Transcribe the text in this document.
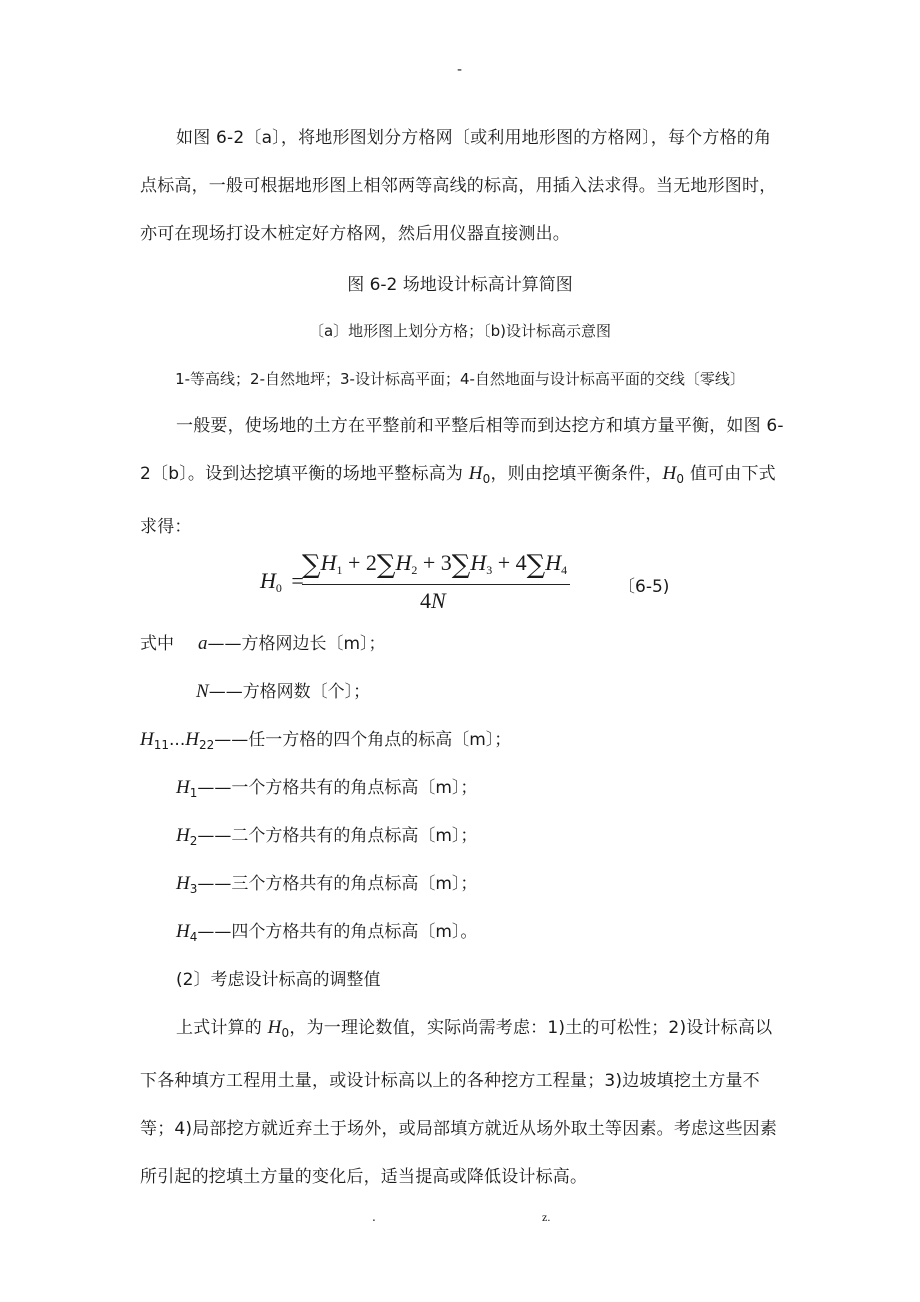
-
如图 6-2〔a〕，将地形图划分方格网〔或利用地形图的方格网〕，每个方格的角点标高，一般可根据地形图上相邻两等高线的标高，用插入法求得。当无地形图时，亦可在现场打设木桩定好方格网，然后用仪器直接测出。
图 6-2 场地设计标高计算简图
〔a〕地形图上划分方格；〔b)设计标高示意图
1-等高线；2-自然地坪；3-设计标高平面；4-自然地面与设计标高平面的交线〔零线〕
一般要，使场地的土方在平整前和平整后相等而到达挖方和填方量平衡，如图 6-2〔b〕。设到达挖填平衡的场地平整标高为 $H_0$，则由挖填平衡条件，$H_0$ 值可由下式求得：
$H_0$ =
$\sum H_1 + 2\sum H_2 + 3\sum H_3 + 4\sum H_4$
4N
〔6-5)
式中 a——方格网边长〔m〕；
N——方格网数〔个〕；
$H_{11}...H_{22}——$任一方格的四个角点的标高〔m〕；
$H_1——$一个方格共有的角点标高〔m〕；
$H_2——$二个方格共有的角点标高〔m〕；
$H_3——$三个方格共有的角点标高〔m〕；
$H_4——$四个方格共有的角点标高〔m〕。
(2〕考虑设计标高的调整值
上式计算的 $H_0$，为一理论数值，实际尚需考虑：1)土的可松性；2)设计标高以下各种填方工程用土量，或设计标高以上的各种挖方工程量；3)边坡填挖土方量不等；4)局部挖方就近弃土于场外，或局部填方就近从场外取土等因素。考虑这些因素所引起的挖填土方量的变化后，适当提高或降低设计标高。
.	z.
